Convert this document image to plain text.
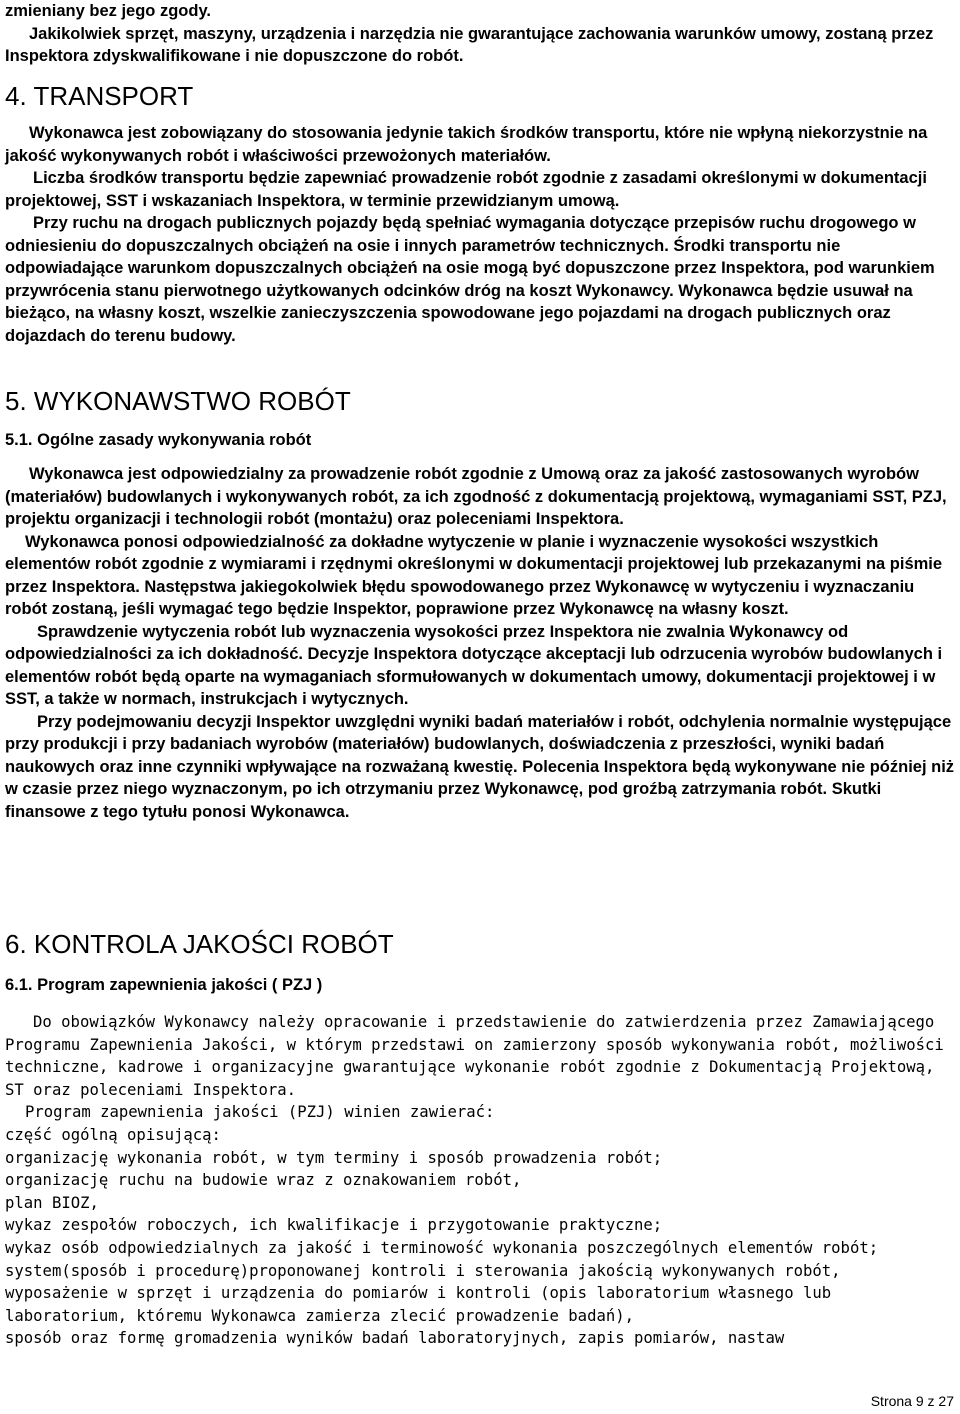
zmieniany bez jego zgody.

Jakikolwiek sprzęt, maszyny, urządzenia i narzędzia nie gwarantujące zachowania warunków umowy, zostaną przez Inspektora zdyskwalifikowane i nie dopuszczone do robót.

4. TRANSPORT

Wykonawca jest zobowiązany do stosowania jedynie takich środków transportu, które nie wpłyną niekorzystnie na jakość wykonywanych robót i właściwości przewożonych materiałów.

Liczba środków transportu będzie zapewniać prowadzenie robót zgodnie z zasadami określonymi w dokumentacji projektowej, SST i wskazaniach Inspektora, w terminie przewidzianym umową.

Przy ruchu na drogach publicznych pojazdy będą spełniać wymagania dotyczące przepisów ruchu drogowego w odniesieniu do dopuszczalnych obciążeń na osie i innych parametrów technicznych. Środki transportu nie odpowiadające warunkom dopuszczalnych obciążeń na osie mogą być dopuszczone przez Inspektora, pod warunkiem przywrócenia stanu pierwotnego użytkowanych odcinków dróg na koszt Wykonawcy. Wykonawca będzie usuwał na bieżąco, na własny koszt, wszelkie zanieczyszczenia spowodowane jego pojazdami na drogach publicznych oraz dojazdach do terenu budowy.

5. WYKONAWSTWO ROBÓT

5.1. Ogólne zasady wykonywania robót

Wykonawca jest odpowiedzialny za prowadzenie robót zgodnie z Umową oraz za jakość zastosowanych wyrobów (materiałów) budowlanych i wykonywanych robót, za ich zgodność z dokumentacją projektową, wymaganiami SST, PZJ, projektu organizacji i technologii robót (montażu) oraz poleceniami Inspektora.

Wykonawca ponosi odpowiedzialność za dokładne wytyczenie w planie i wyznaczenie wysokości wszystkich elementów robót zgodnie z wymiarami i rzędnymi określonymi w dokumentacji projektowej lub przekazanymi na piśmie przez Inspektora. Następstwa jakiegokolwiek błędu spowodowanego przez Wykonawcę w wytyczeniu i wyznaczaniu robót zostaną, jeśli wymagać tego będzie Inspektor, poprawione przez Wykonawcę na własny koszt.

Sprawdzenie wytyczenia robót lub wyznaczenia wysokości przez Inspektora nie zwalnia Wykonawcy od odpowiedzialności za ich dokładność. Decyzje Inspektora dotyczące akceptacji lub odrzucenia wyrobów budowlanych i elementów robót będą oparte na wymaganiach sformułowanych w dokumentach umowy, dokumentacji projektowej i w SST, a także w normach, instrukcjach i wytycznych.

Przy podejmowaniu decyzji Inspektor uwzględni wyniki badań materiałów i robót, odchylenia normalnie występujące przy produkcji i przy badaniach wyrobów (materiałów) budowlanych, doświadczenia z przeszłości, wyniki badań naukowych oraz inne czynniki wpływające na rozważaną kwestię. Polecenia Inspektora będą wykonywane nie później niż w czasie przez niego wyznaczonym, po ich otrzymaniu przez Wykonawcę, pod groźbą zatrzymania robót. Skutki finansowe z tego tytułu ponosi Wykonawca.

6. KONTROLA JAKOŚCI ROBÓT

6.1. Program zapewnienia jakości ( PZJ )

Do obowiązków Wykonawcy należy opracowanie i przedstawienie do zatwierdzenia przez Zamawiającego Programu Zapewnienia Jakości, w którym przedstawi on zamierzony sposób wykonywania robót, możliwości techniczne, kadrowe i organizacyjne gwarantujące wykonanie robót zgodnie z Dokumentacją Projektową, ST oraz poleceniami Inspektora.

Program zapewnienia jakości (PZJ) winien zawierać:

część ogólną opisującą:

organizację wykonania robót, w tym terminy i sposób prowadzenia robót;

organizację ruchu na budowie wraz z oznakowaniem robót,

plan BIOZ,

wykaz zespołów roboczych, ich kwalifikacje i przygotowanie praktyczne;

wykaz osób odpowiedzialnych za jakość i terminowość wykonania poszczególnych elementów robót;

system(sposób i procedurę)proponowanej kontroli i sterowania jakością wykonywanych robót,

wyposażenie w sprzęt i urządzenia do pomiarów i kontroli (opis laboratorium własnego lub laboratorium, któremu Wykonawca zamierza zlecić prowadzenie badań),

sposób oraz formę gromadzenia wyników badań laboratoryjnych, zapis pomiarów, nastaw

Strona 9 z 27
